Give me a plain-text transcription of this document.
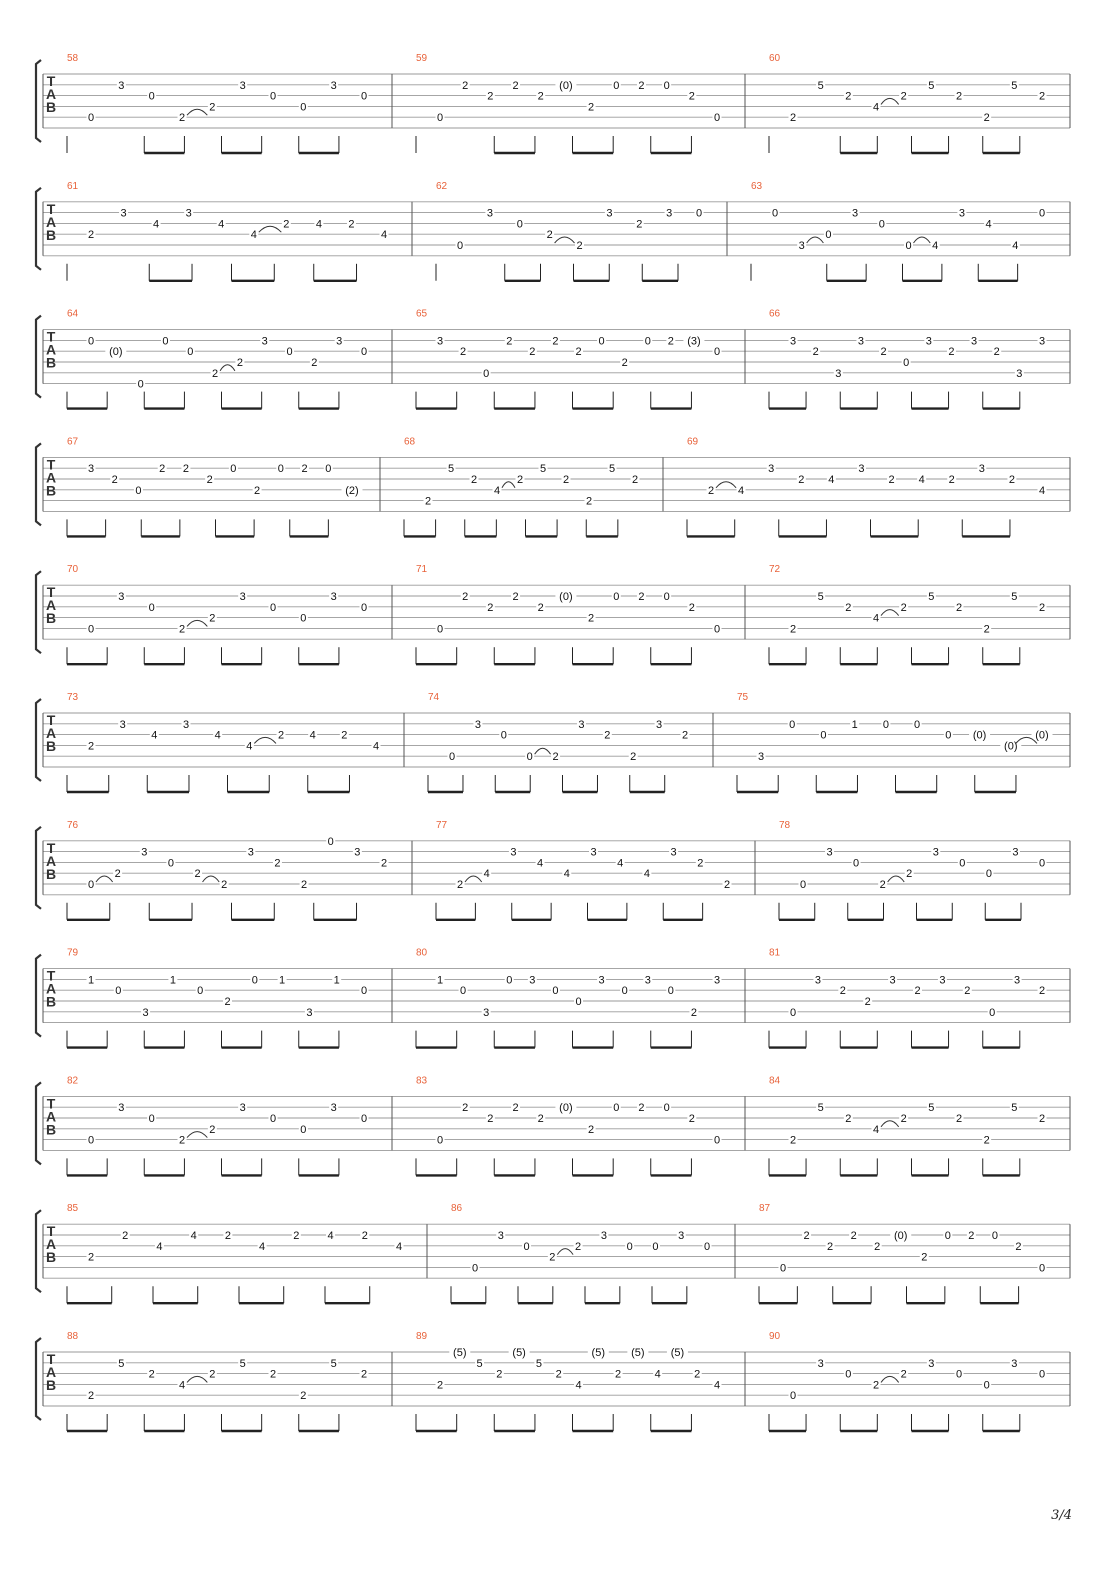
T
A
B
58
0
3
0
2
2
3
0
0
3
0
59
0
2
2
2
2
(0)
2
0 2 0
2
0
60
2
5
2
4
2
5
2
2
5
2
T
A
B
61
2
3
4
3
4
4
2 4 2
4
62
0
3
0
2
2
3
2
3 0
63
0
3
0
3
0
0 4
3
4
4
0
T
A
B
64
0
(0)
0
0
0
2
2
3
0
2
3
0
65
3
2
0
2
2
2
2
0
2
0 2 (3)
0
66
3
2
3
3
2
0
3
2
3
2
3
3
T
A
B
67
3
2
0
2 2
2
0
2
0 2 0
(2)
68
2
5
2
4
2
5
2
2
5
2
69
2 4
3
2 4
3
2 4 2
3
2
4
T
A
B
70
0
3
0
2
2
3
0
0
3
0
71
0
2
2
2
2
(0)
2
0 2 0
2
0
72
2
5
2
4
2
5
2
2
5
2
T
A
B
73
2
3
4
3
4
4
2 4 2
4
74
0
3
0
0 2
3
2
2
3
2
75
3
0
0
1 0 0
0 (0)
(0)
(0)
T
A
B
76
0
2
3
0
2
2
3
2
2
0
3
2
77
2
4
3
4
4
3
4
4
3
2
2
78
0
3
0
2
2
3
0
0
3
0
T
A
B
79
1
0
3
1
0
2
0 1
3
1
0
80
1
0
3
0 3
0
0
3
0
3
0
2
3
81
0
3
2
2
3
2
3
2
0
3
2
T
A
B
82
0
3
0
2
2
3
0
0
3
0
83
0
2
2
2
2
(0)
2
0 2 0
2
0
84
2
5
2
4
2
5
2
2
5
2
T
A
B
85
2
2
4
4	2
4
2	4	2
4
86
0
3
0
2
2
3
0 0
3
0
87
0
2
2
2
2
(0)
2
0 2 0
2
0
T
A
B
88
2
5
2
4
2
5
2
2
5
2
89
2
(5)
5
2
(5)
5
2
4
(5)
2
(5)
4
(5)
2
4
90
0
3
0
2
2
3
0
0
3
0
3/4
